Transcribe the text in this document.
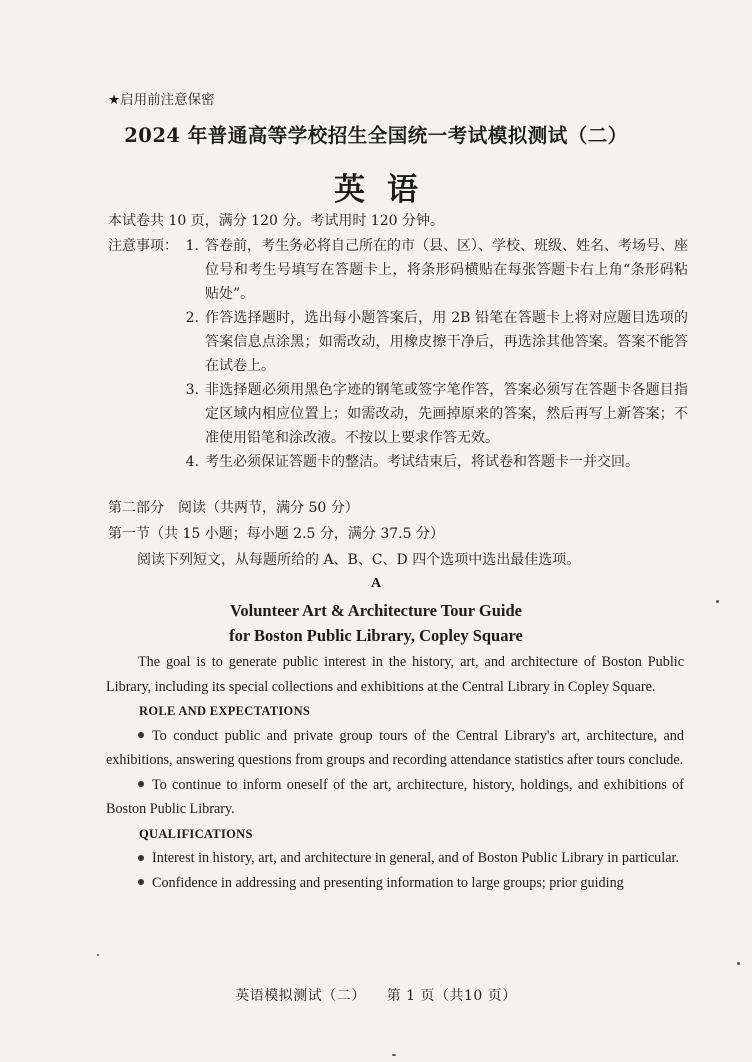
★启用前注意保密
2024 年普通高等学校招生全国统一考试模拟测试（二）
英语
本试卷共 10 页，满分 120 分。考试用时 120 分钟。
注意事项： 1. 答卷前，考生务必将自己所在的市（县、区）、学校、班级、姓名、考场号、座位号和考生号填写在答题卡上，将条形码横贴在每张答题卡右上角“条形码粘贴处”。
2. 作答选择题时，选出每小题答案后，用 2B 铅笔在答题卡上将对应题目选项的答案信息点涂黑；如需改动，用橡皮擦干净后，再选涂其他答案。答案不能答在试卷上。
3. 非选择题必须用黑色字迹的钢笔或签字笔作答，答案必须写在答题卡各题目指定区域内相应位置上；如需改动，先画掉原来的答案，然后再写上新答案；不准使用铅笔和涂改液。不按以上要求作答无效。
4. 考生必须保证答题卡的整洁。考试结束后，将试卷和答题卡一并交回。
第二部分　阅读（共两节，满分 50 分）
第一节（共 15 小题；每小题 2.5 分，满分 37.5 分）
阅读下列短文，从每题所给的 A、B、C、D 四个选项中选出最佳选项。
A
Volunteer Art & Architecture Tour Guide
for Boston Public Library, Copley Square

The goal is to generate public interest in the history, art, and architecture of Boston Public Library, including its special collections and exhibitions at the Central Library in Copley Square.

ROLE AND EXPECTATIONS

To conduct public and private group tours of the Central Library's art, architecture, and exhibitions, answering questions from groups and recording attendance statistics after tours conclude.

To continue to inform oneself of the art, architecture, history, holdings, and exhibitions of Boston Public Library.

QUALIFICATIONS

Interest in history, art, and architecture in general, and of Boston Public Library in particular.

Confidence in addressing and presenting information to large groups; prior guiding

英语模拟测试（二） 第 1 页（共10 页）
